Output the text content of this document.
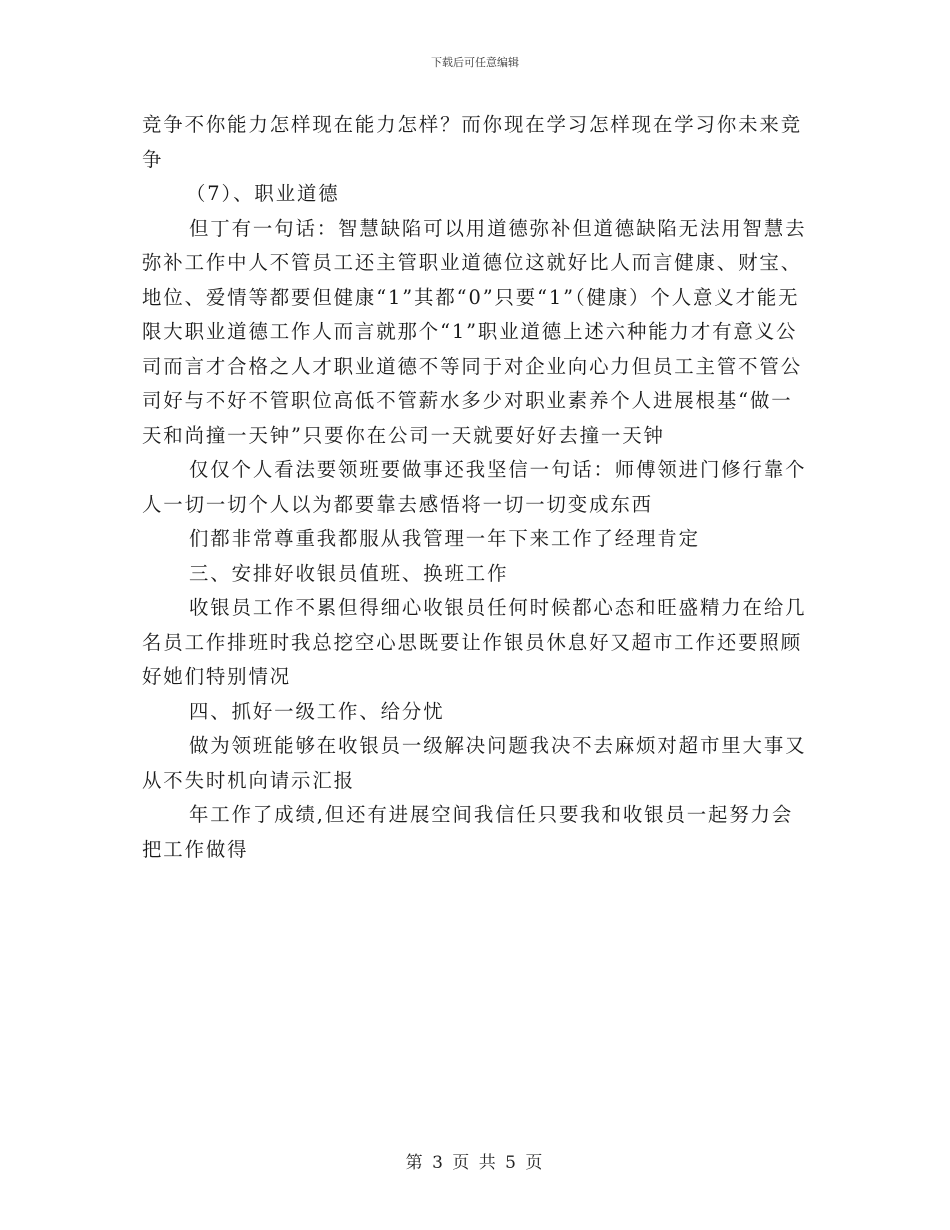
下载后可任意编辑

竞争不你能力怎样现在能力怎样？而你现在学习怎样现在学习你未来竞争

（7）、职业道德

但丁有一句话：智慧缺陷可以用道德弥补但道德缺陷无法用智慧去弥补工作中人不管员工还主管职业道德位这就好比人而言健康、财宝、地位、爱情等都要但健康“1”其都“0”只要“1”（健康）个人意义才能无限大职业道德工作人而言就那个“1”职业道德上述六种能力才有意义公司而言才合格之人才职业道德不等同于对企业向心力但员工主管不管公司好与不好不管职位高低不管薪水多少对职业素养个人进展根基“做一天和尚撞一天钟”只要你在公司一天就要好好去撞一天钟

仅仅个人看法要领班要做事还我坚信一句话：师傅领进门修行靠个人一切一切个人以为都要靠去感悟将一切一切变成东西

们都非常尊重我都服从我管理一年下来工作了经理肯定

三、安排好收银员值班、换班工作

收银员工作不累但得细心收银员任何时候都心态和旺盛精力在给几名员工作排班时我总挖空心思既要让作银员休息好又超市工作还要照顾好她们特别情况

四、抓好一级工作、给分忧

做为领班能够在收银员一级解决问题我决不去麻烦对超市里大事又从不失时机向请示汇报

年工作了成绩,但还有进展空间我信任只要我和收银员一起努力会把工作做得

第 3 页 共 5 页
